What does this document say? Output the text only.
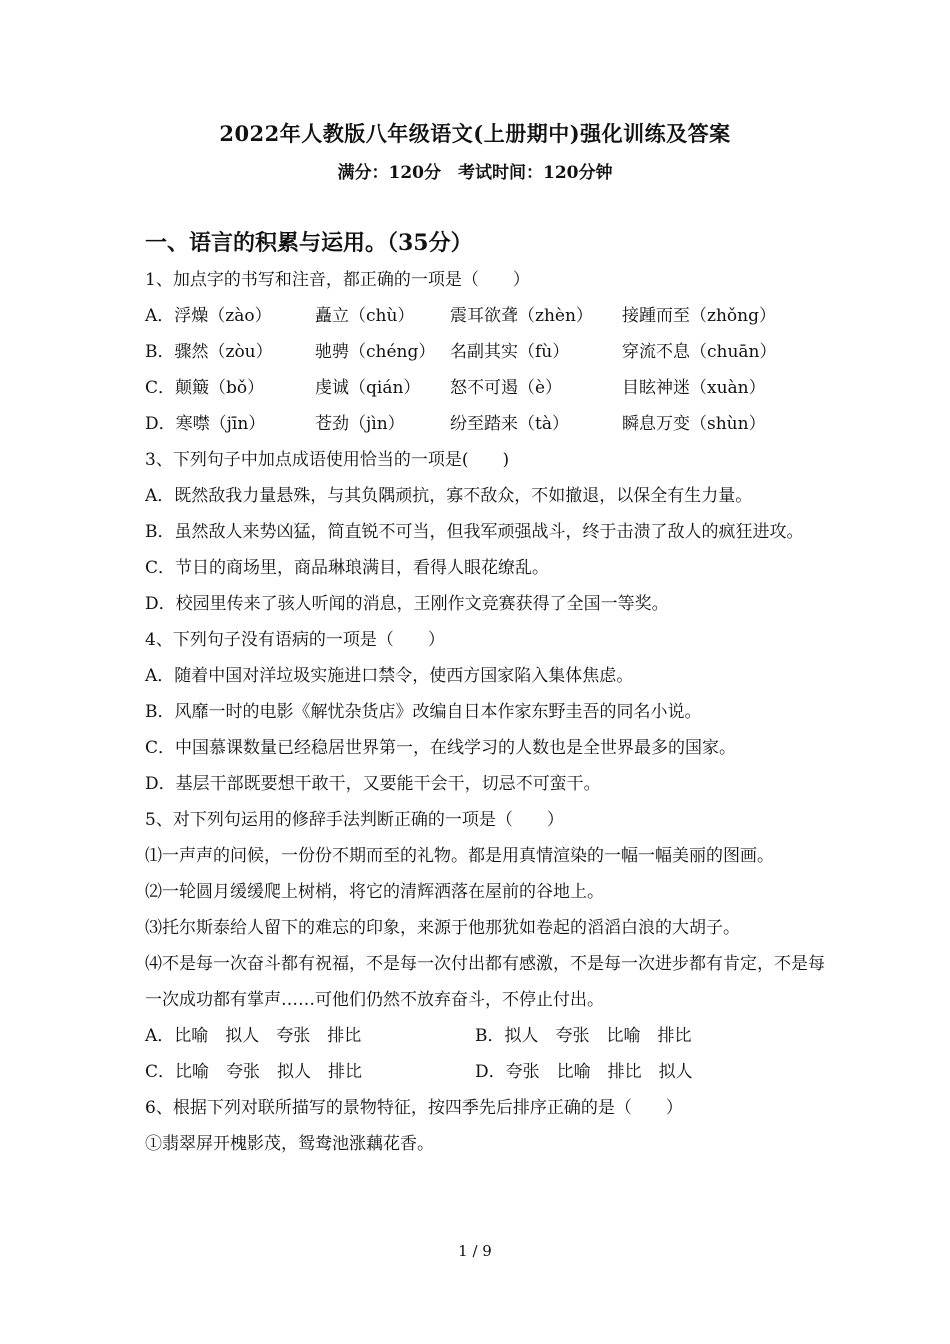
2022年人教版八年级语文(上册期中)强化训练及答案
满分：120分　考试时间：120分钟
一、语言的积累与运用。（35分）
1、加点字的书写和注音，都正确的一项是（　　）
A．浮燥（zào）	矗立（chù）	震耳欲聋（zhèn）	接踵而至（zhǒng）
B．骤然（zòu）	驰骋（chéng） 名副其实（fù）	穿流不息（chuān）
C．颠簸（bǒ）	虔诚（qián）	怒不可遏（è）	目眩神迷（xuàn）
D．寒噤（jīn）	苍劲（jìn）	纷至踏来（tà）	瞬息万变（shùn）
3、下列句子中加点成语使用恰当的一项是(　　)
A．既然敌我力量悬殊，与其负隅顽抗，寡不敌众，不如撤退，以保全有生力量。
B．虽然敌人来势凶猛，简直锐不可当，但我军顽强战斗，终于击溃了敌人的疯狂进攻。
C．节日的商场里，商品琳琅满目，看得人眼花缭乱。
D．校园里传来了骇人听闻的消息，王刚作文竞赛获得了全国一等奖。
4、下列句子没有语病的一项是（　　）
A．随着中国对洋垃圾实施进口禁令，使西方国家陷入集体焦虑。
B．风靡一时的电影《解忧杂货店》改编自日本作家东野圭吾的同名小说。
C．中国慕课数量已经稳居世界第一，在线学习的人数也是全世界最多的国家。
D．基层干部既要想干敢干，又要能干会干，切忌不可蛮干。
5、对下列句运用的修辞手法判断正确的一项是（　　）
⑴一声声的问候，一份份不期而至的礼物。都是用真情渲染的一幅一幅美丽的图画。
⑵一轮圆月缓缓爬上树梢，将它的清辉洒落在屋前的谷地上。
⑶托尔斯泰给人留下的难忘的印象，来源于他那犹如卷起的滔滔白浪的大胡子。
⑷不是每一次奋斗都有祝福，不是每一次付出都有感激，不是每一次进步都有肯定，不是每一次成功都有掌声……可他们仍然不放弃奋斗，不停止付出。
A．比喻　拟人　夸张　排比	B．拟人　夸张　比喻　排比
C．比喻　夸张　拟人　排比	D．夸张　比喻　排比　拟人
6、根据下列对联所描写的景物特征，按四季先后排序正确的是（　　）
①翡翠屏开槐影茂，鸳鸯池涨藕花香。
1 / 9
